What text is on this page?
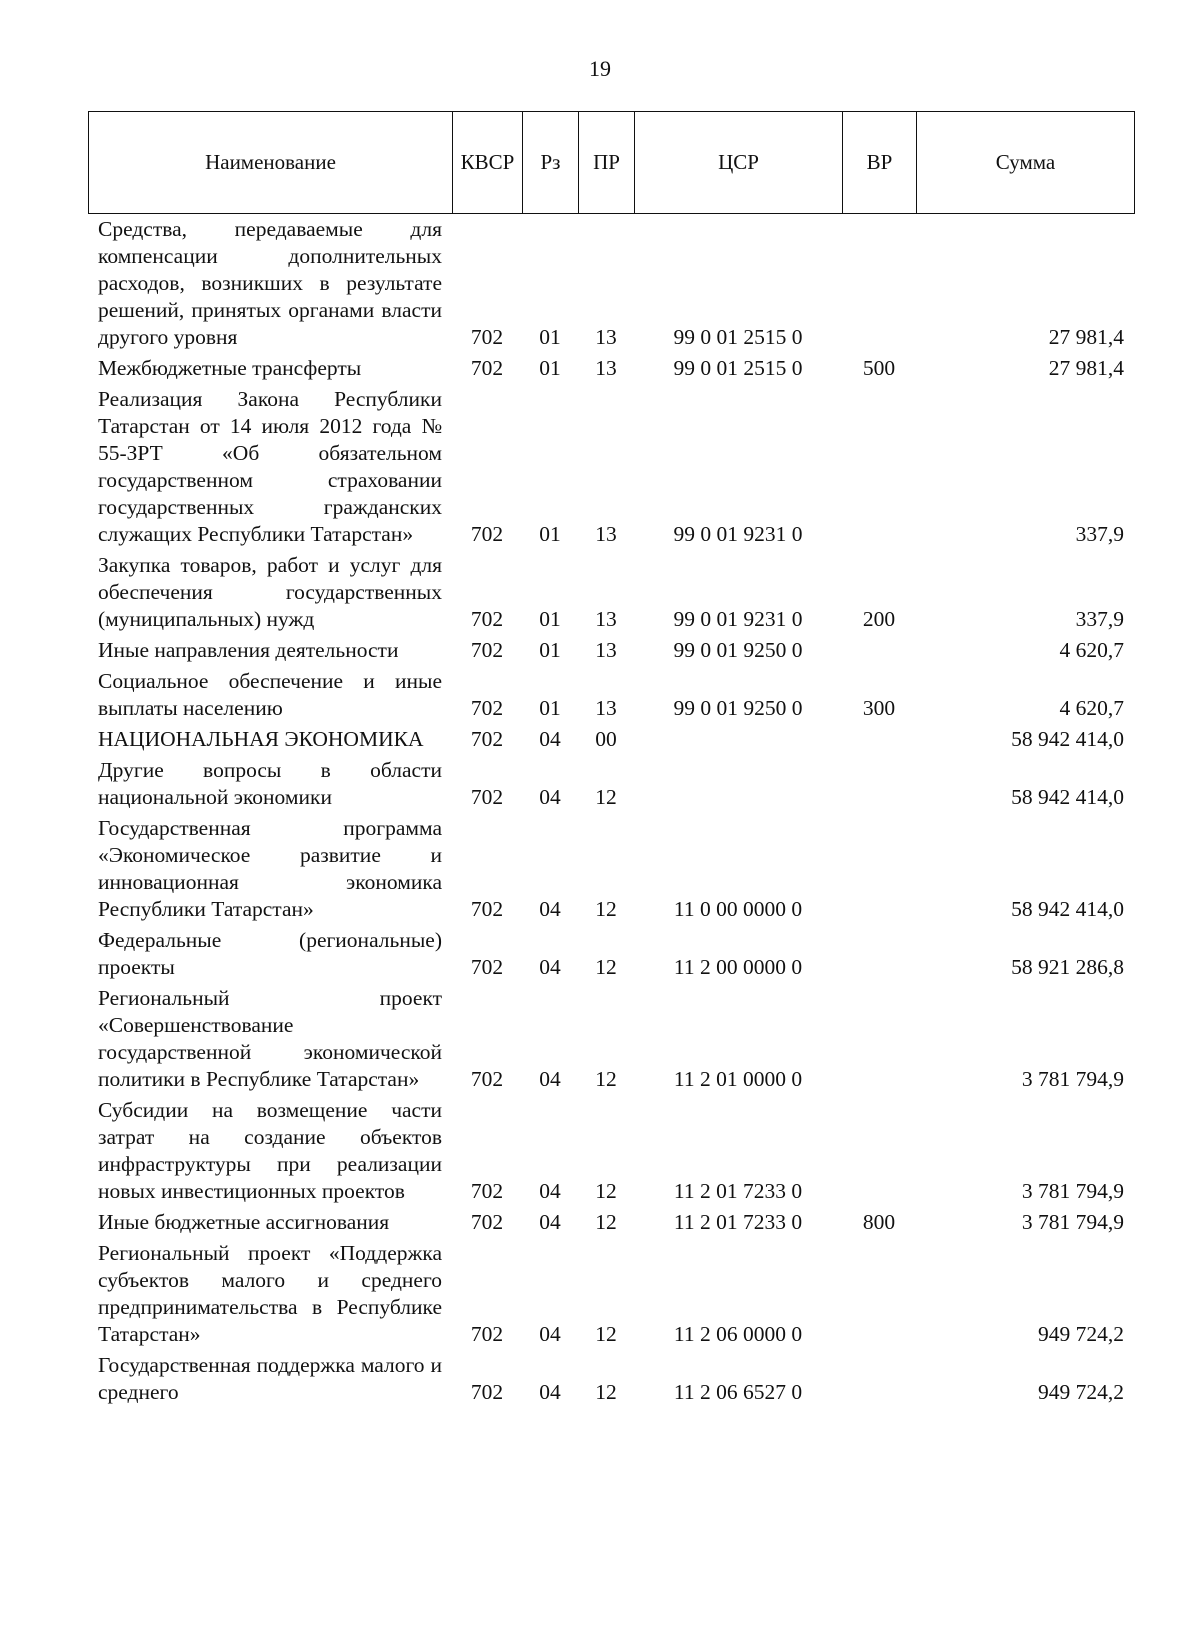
19
Наименование	КВСР	Рз	ПР	ЦСР	ВР	Сумма
Средства, передаваемые для компенсации дополнительных расходов, возникших в результате решений, принятых органами власти другого уровня	702	01	13	99 0 01 2515 0		27 981,4
Межбюджетные трансферты	702	01	13	99 0 01 2515 0	500	27 981,4
Реализация Закона Республики Татарстан от 14 июля 2012 года № 55-ЗРТ «Об обязательном государственном страховании государственных гражданских служащих Республики Татарстан»	702	01	13	99 0 01 9231 0		337,9
Закупка товаров, работ и услуг для обеспечения государственных (муниципальных) нужд	702	01	13	99 0 01 9231 0	200	337,9
Иные направления деятельности	702	01	13	99 0 01 9250 0		4 620,7
Социальное обеспечение и иные выплаты населению	702	01	13	99 0 01 9250 0	300	4 620,7
НАЦИОНАЛЬНАЯ ЭКОНОМИКА	702	04	00			58 942 414,0
Другие вопросы в области национальной экономики	702	04	12			58 942 414,0
Государственная программа «Экономическое развитие и инновационная экономика Республики Татарстан»	702	04	12	11 0 00 0000 0		58 942 414,0
Федеральные (региональные) проекты	702	04	12	11 2 00 0000 0		58 921 286,8
Региональный проект «Совершенствование государственной экономической политики в Республике Татарстан»	702	04	12	11 2 01 0000 0		3 781 794,9
Субсидии на возмещение части затрат на создание объектов инфраструктуры при реализации новых инвестиционных проектов	702	04	12	11 2 01 7233 0		3 781 794,9
Иные бюджетные ассигнования	702	04	12	11 2 01 7233 0	800	3 781 794,9
Региональный проект «Поддержка субъектов малого и среднего предпринимательства в Республике Татарстан»	702	04	12	11 2 06 0000 0		949 724,2
Государственная поддержка малого и среднего	702	04	12	11 2 06 6527 0		949 724,2
